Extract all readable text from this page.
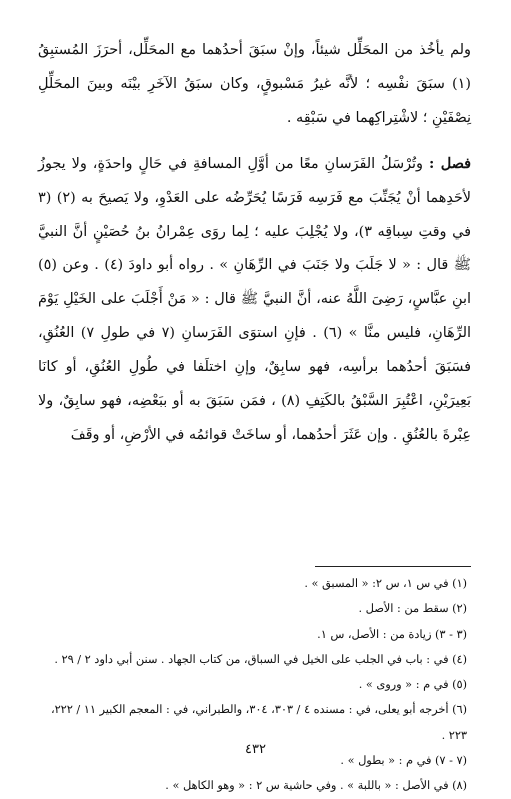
ولم يأخُذ من المحَلِّل شيئاً، وإنْ سبَقَ أحدُهما مع المحَلِّل، أحرَزَ المُستبِقُ (١) سبَقَ نفْسِه ؛ لأنَّه غيرُ مَسْبوقٍ، وكان سبَقُ الآخَرِ بيْنَه وبينَ المحَلِّلِ نِصْفَيْنِ ؛ لاشْتِراكِهما في سَبْقِه .

فصل : وتُرْسَلُ الفَرَسانِ معًا من أوَّلِ المسافةِ في حَالٍ واحدَةٍ، ولا يجوزُ لأحَدِهما أنْ يُجَنِّبَ مع فَرَسِه فَرَسًا يُحَرِّضُه على العَدْوِ، ولا يَصيحَ به (٢) (٣ في وقتِ سِباقِه ٣)، ولا يُجْلِبَ عليه ؛ لِما روَى عِمْرانُ بنُ حُصَيْنٍ أنَّ النبيَّ ﷺ قال : « لا جَلَبَ ولا جَنَبَ في الرِّهَانِ » . رواه أبو داودَ (٤) . وعن (٥) ابنِ عبَّاسٍ، رَضِىَ اللَّهُ عنه، أنَّ النبيَّ ﷺ قال : « مَنْ أَجْلَبَ على الخَيْلِ يَوْمَ الرِّهَانِ، فليس منَّا » (٦) . فإنِ استوَى الفَرَسانِ (٧ في طولِ ٧) العُنُقِ، فسَبَقَ أحدُهما برأسِه، فهو سابِقٌ، وإنِ اختلَفا في طُولِ العُنُقِ، أو كانَا بَعِيرَيْنِ، اعْتُبِرَ السَّبْقُ بالكَتِفِ (٨) ، فمَن سَبَقَ به أو ببَعْضِه، فهو سابِقٌ، ولا عِبْرةَ بالعُنُقِ . وإن عَثَرَ أحدُهما، أو ساخَتْ قوائمُه في الأرْضِ، أو وقَفَ

(١) في س ١، س ٢: « المسبق » .

(٢) سقط من : الأصل .

(٣ - ٣) زيادة من : الأصل، س ١.

(٤) في : باب في الجلب على الخيل في السباق، من كتاب الجهاد . سنن أبي داود ٢ / ٢٩ .

(٥) في م : « وروى » .

(٦) أخرجه أبو يعلى، في : مسنده ٤ / ٣٠٣، ٣٠٤، والطبراني، في : المعجم الكبير ١١ / ٢٢٢، ٢٢٣ .

(٧ - ٧) في م : « بطول » .

(٨) في الأصل : « باللبة » . وفي حاشية س ٢ : « وهو الكاهل » .

٤٣٢
